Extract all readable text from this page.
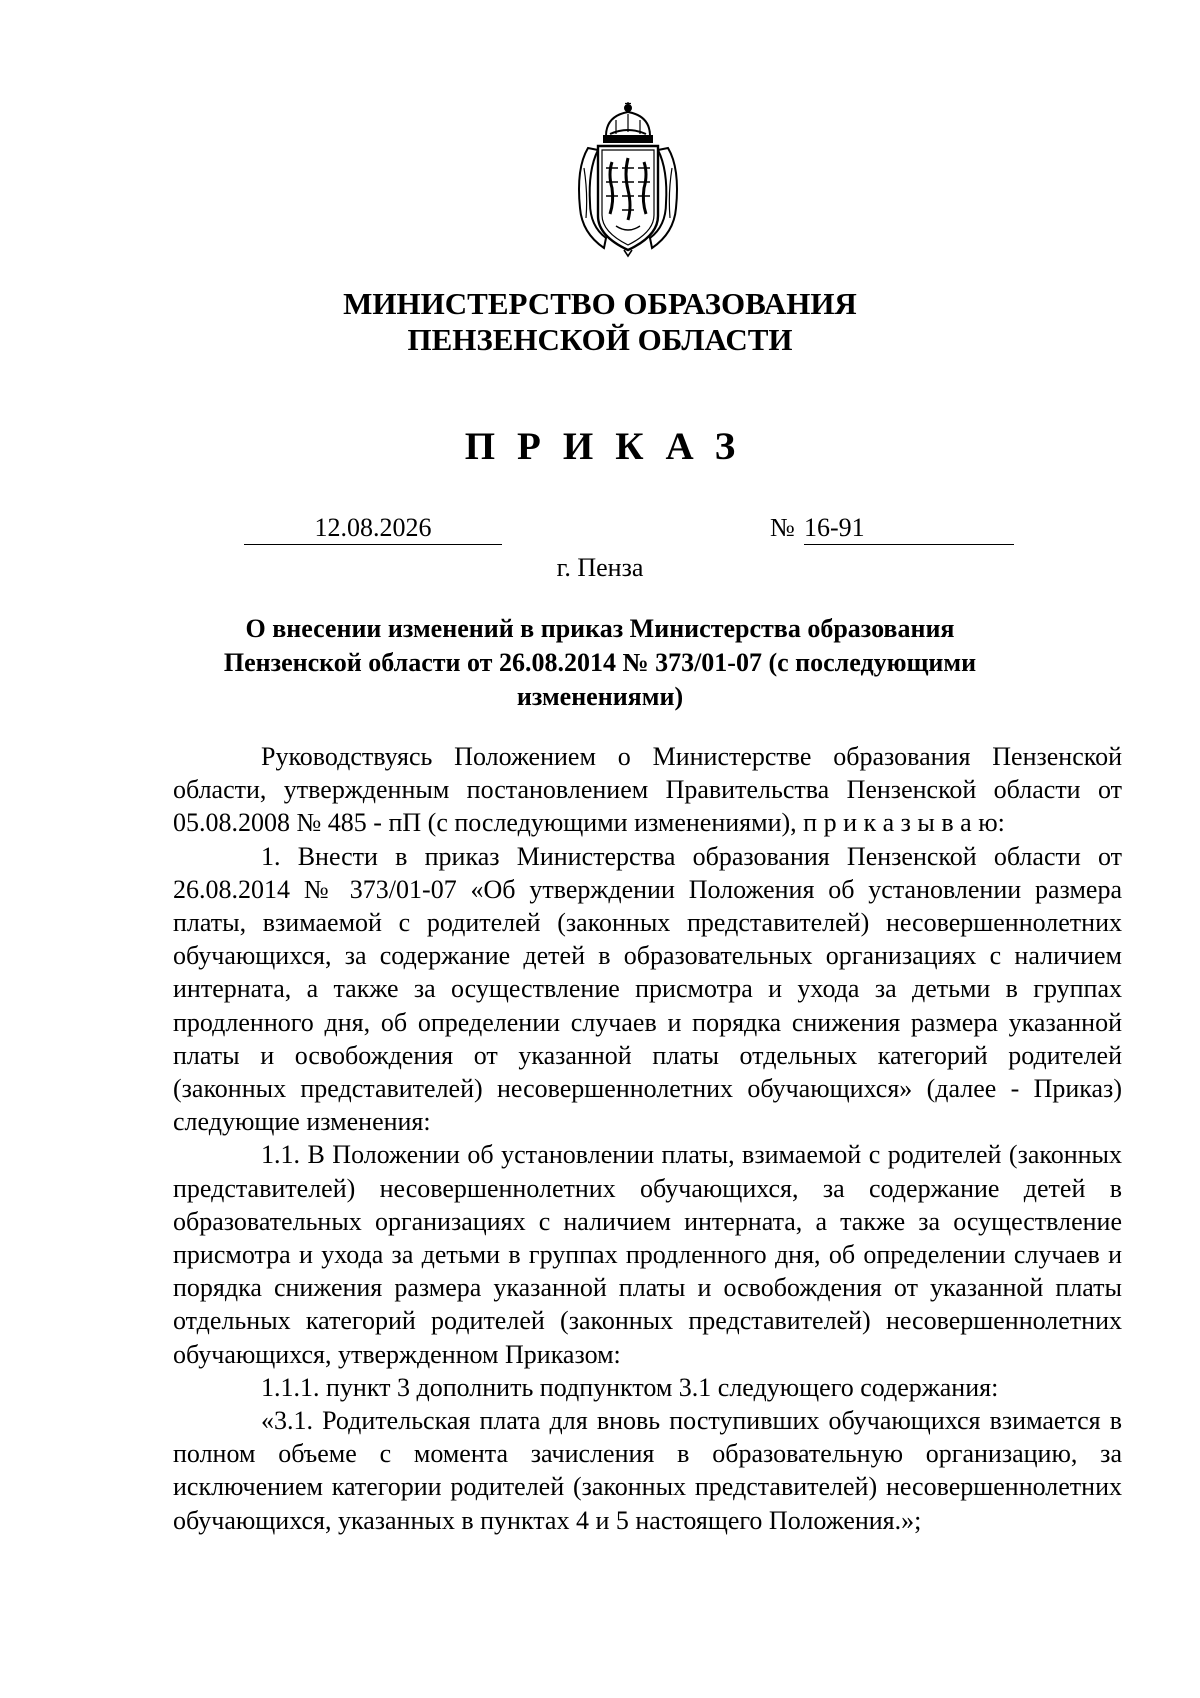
МИНИСТЕРСТВО ОБРАЗОВАНИЯ
ПЕНЗЕНСКОЙ ОБЛАСТИ
ПРИКАЗ
12.08.2026	№ 16-91
г. Пенза
О внесении изменений в приказ Министерства образования Пензенской области от 26.08.2014 № 373/01-07 (с последующими изменениями)

Руководствуясь Положением о Министерстве образования Пензенской области, утвержденным постановлением Правительства Пензенской области от 05.08.2008 № 485 - пП (с последующими изменениями), п р и к а з ы в а ю:

1. Внести в приказ Министерства образования Пензенской области от 26.08.2014 № 373/01-07 «Об утверждении Положения об установлении размера платы, взимаемой с родителей (законных представителей) несовершеннолетних обучающихся, за содержание детей в образовательных организациях с наличием интерната, а также за осуществление присмотра и ухода за детьми в группах продленного дня, об определении случаев и порядка снижения размера указанной платы и освобождения от указанной платы отдельных категорий родителей (законных представителей) несовершеннолетних обучающихся» (далее - Приказ) следующие изменения:

1.1. В Положении об установлении платы, взимаемой с родителей (законных представителей) несовершеннолетних обучающихся, за содержание детей в образовательных организациях с наличием интерната, а также за осуществление присмотра и ухода за детьми в группах продленного дня, об определении случаев и порядка снижения размера указанной платы и освобождения от указанной платы отдельных категорий родителей (законных представителей) несовершеннолетних обучающихся, утвержденном Приказом:

1.1.1. пункт 3 дополнить подпунктом 3.1 следующего содержания:

«3.1. Родительская плата для вновь поступивших обучающихся взимается в полном объеме с момента зачисления в образовательную организацию, за исключением категории родителей (законных представителей) несовершеннолетних обучающихся, указанных в пунктах 4 и 5 настоящего Положения.»;
